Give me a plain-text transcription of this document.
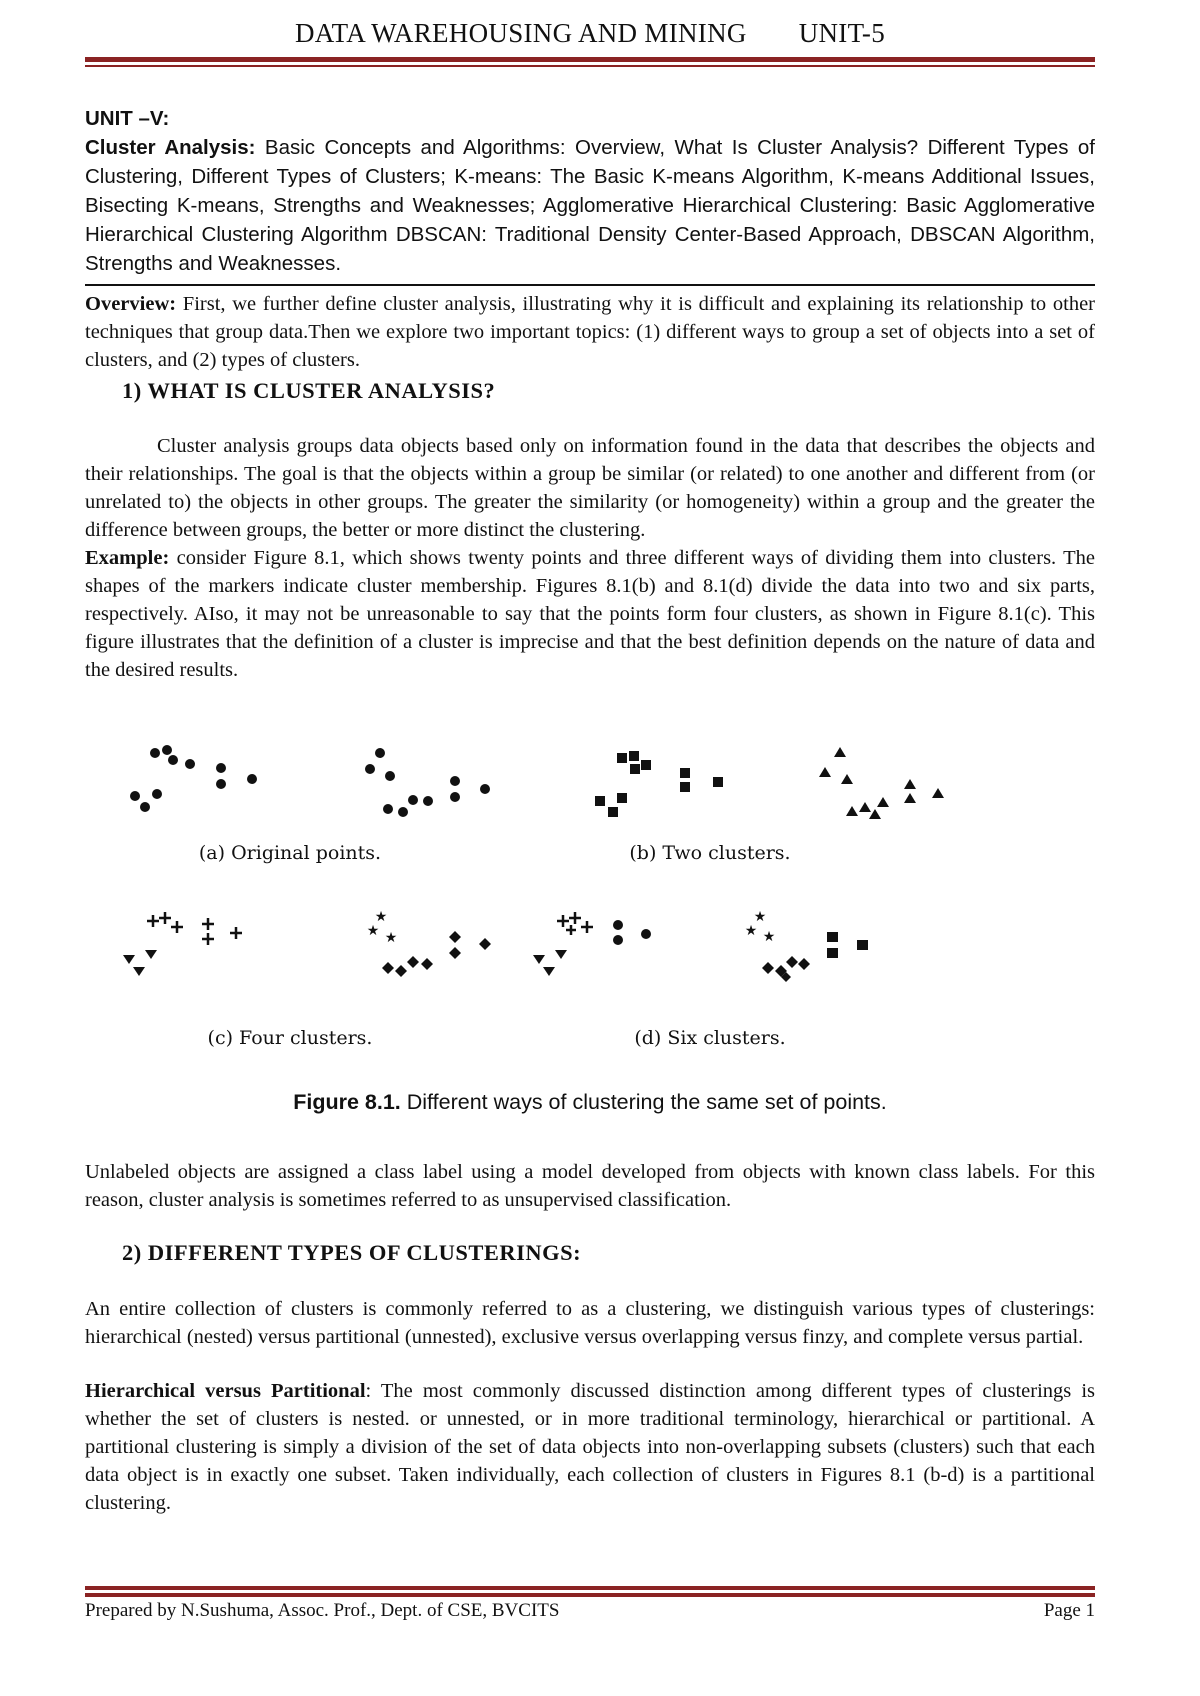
DATA WAREHOUSING AND MINING UNIT-5
UNIT –V:
Cluster Analysis: Basic Concepts and Algorithms: Overview, What Is Cluster Analysis? Different Types of Clustering, Different Types of Clusters; K-means: The Basic K-means Algorithm, K-means Additional Issues, Bisecting K-means, Strengths and Weaknesses; Agglomerative Hierarchical Clustering: Basic Agglomerative Hierarchical Clustering Algorithm DBSCAN: Traditional Density Center-Based Approach, DBSCAN Algorithm, Strengths and Weaknesses.

Overview: First, we further define cluster analysis, illustrating why it is difficult and explaining its relationship to other techniques that group data.Then we explore two important topics: (1) different ways to group a set of objects into a set of clusters, and (2) types of clusters.

1) WHAT IS CLUSTER ANALYSIS?

Cluster analysis groups data objects based only on information found in the data that describes the objects and their relationships. The goal is that the objects within a group be similar (or related) to one another and different from (or unrelated to) the objects in other groups. The greater the similarity (or homogeneity) within a group and the greater the difference between groups, the better or more distinct the clustering.

Example: consider Figure 8.1, which shows twenty points and three different ways of dividing them into clusters. The shapes of the markers indicate cluster membership. Figures 8.1(b) and 8.1(d) divide the data into two and six parts, respectively. AIso, it may not be unreasonable to say that the points form four clusters, as shown in Figure 8.1(c). This figure illustrates that the definition of a cluster is imprecise and that the best definition depends on the nature of data and the desired results.

(a) Original points.	(b) Two clusters.
(c) Four clusters.	(d) Six clusters.
★
★ ★
★
★ ★
Figure 8.1. Different ways of clustering the same set of points.

Unlabeled objects are assigned a class label using a model developed from objects with known class labels. For this reason, cluster analysis is sometimes referred to as unsupervised classification.

2) DIFFERENT TYPES OF CLUSTERINGS:

An entire collection of clusters is commonly referred to as a clustering, we distinguish various types of clusterings: hierarchical (nested) versus partitional (unnested), exclusive versus overlapping versus finzy, and complete versus partial.

Hierarchical versus Partitional: The most commonly discussed distinction among different types of clusterings is whether the set of clusters is nested. or unnested, or in more traditional terminology, hierarchical or partitional. A partitional clustering is simply a division of the set of data objects into non-overlapping subsets (clusters) such that each data object is in exactly one subset. Taken individually, each collection of clusters in Figures 8.1 (b-d) is a partitional clustering.

Prepared by N.Sushuma, Assoc. Prof., Dept. of CSE, BVCITS	Page 1
